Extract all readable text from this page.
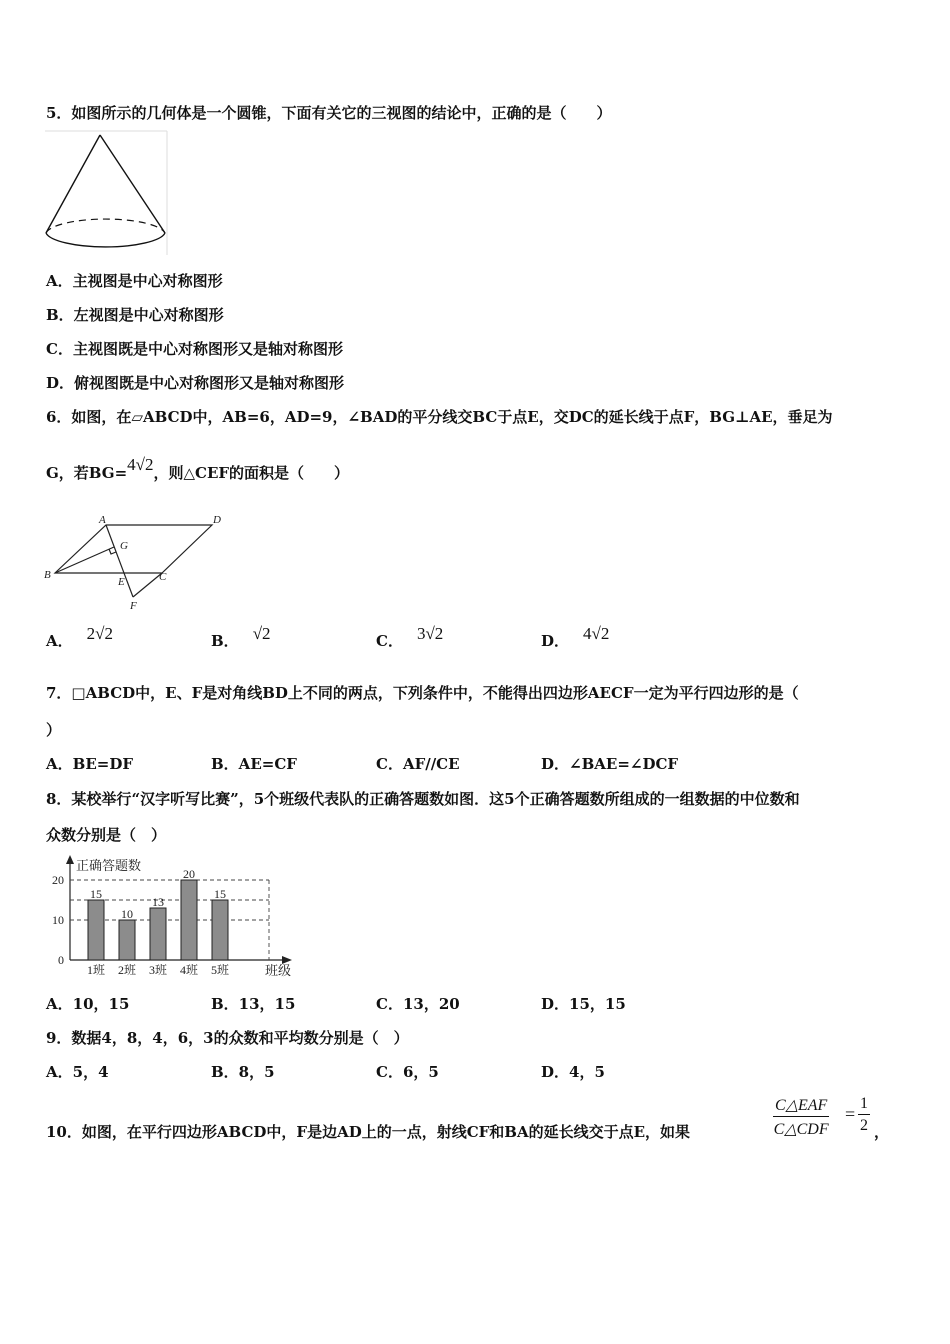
5．如图所示的几何体是一个圆锥，下面有关它的三视图的结论中，正确的是（　　）
A．主视图是中心对称图形
B．左视图是中心对称图形
C．主视图既是中心对称图形又是轴对称图形
D．俯视图既是中心对称图形又是轴对称图形
6．如图，在▱ABCD中，AB=6，AD=9，∠BAD的平分线交BC于点E，交DC的延长线于点F，BG⊥AE，垂足为
G，若BG=4√2，则△CEF的面积是（　　）
A	D
G
B
E	C
F
A． 2√2	B． √2	C． 3√2	D． 4√2
7．□ABCD中，E、F是对角线BD上不同的两点，下列条件中，不能得出四边形AECF一定为平行四边形的是（
）
A．BE=DF	B．AE=CF	C．AF//CE	D．∠BAE=∠DCF
8．某校举行“汉字听写比赛”，5个班级代表队的正确答题数如图．这5个正确答题数所组成的一组数据的中位数和
众数分别是（　）
正确答题数
班级
0
10
20
15
1班
10
2班
13
3班
20
4班
15
5班
A．10，15	B．13，15	C．13，20	D．15，15
9．数据4，8，4，6，3的众数和平均数分别是（　）
A．5，4	B．8，5	C．6，5	D．4，5
10．如图，在平行四边形ABCD中，F是边AD上的一点，射线CF和BA的延长线交于点E，如果
C△EAF
C△CDF
= $\frac{1}{2}$ ，
